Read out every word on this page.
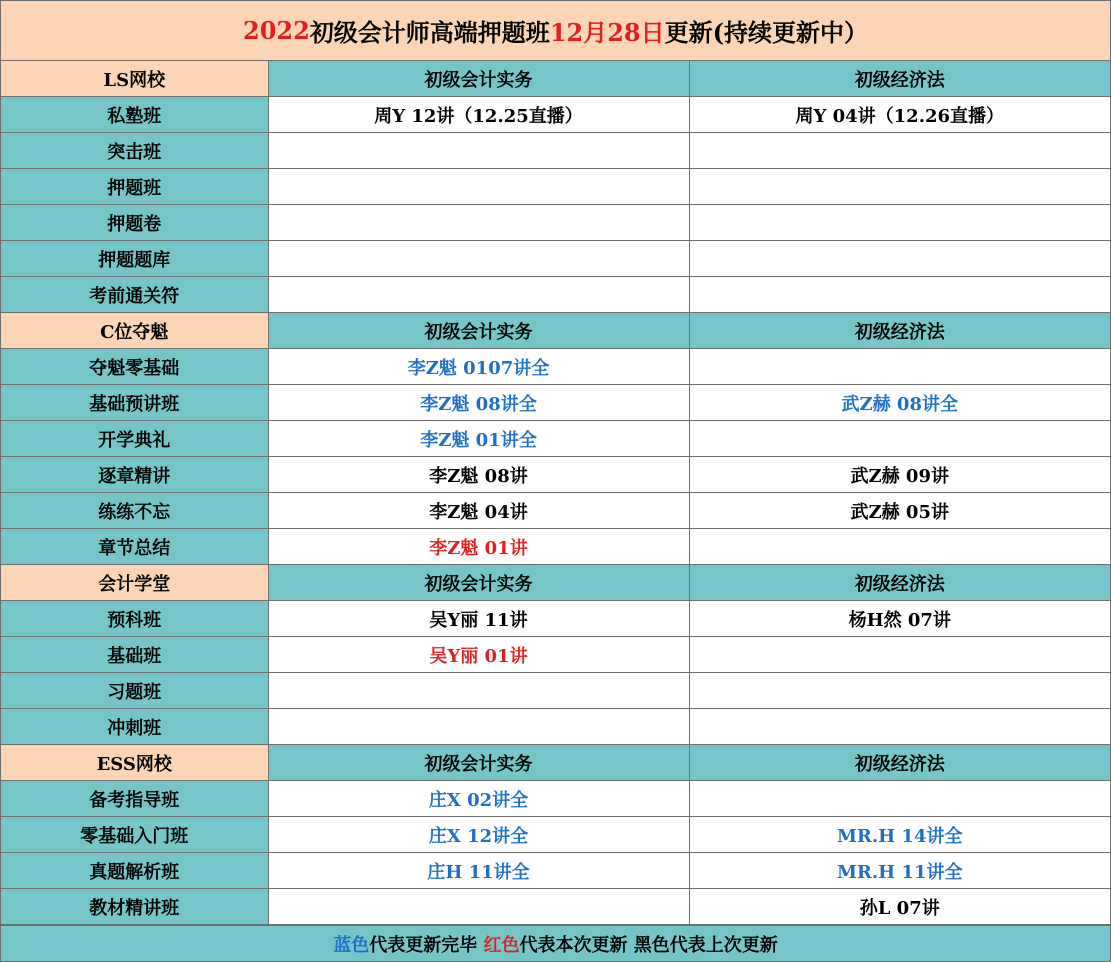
2022 初级会计师高端押题班 12月28日 更新(持续更新中）
LS网校	初级会计实务	初级经济法
私塾班	周Y 12讲（12.25直播）	周Y 04讲（12.26直播）
突击班		
押题班		
押题卷		
押题题库		
考前通关符		
C位夺魁	初级会计实务	初级经济法
夺魁零基础	李Z魁 0107讲全	
基础预讲班	李Z魁 08讲全	武Z赫 08讲全
开学典礼	李Z魁 01讲全	
逐章精讲	李Z魁 08讲	武Z赫 09讲
练练不忘	李Z魁 04讲	武Z赫 05讲
章节总结	李Z魁 01讲	
会计学堂	初级会计实务	初级经济法
预科班	吴Y丽 11讲	杨H然 07讲
基础班	吴Y丽 01讲	
习题班		
冲刺班		
ESS网校	初级会计实务	初级经济法
备考指导班	庄X 02讲全	
零基础入门班	庄X 12讲全	MR.H 14讲全
真题解析班	庄H 11讲全	MR.H 11讲全
教材精讲班		孙L 07讲
蓝色 代表更新完毕 红色 代表本次更新 黑色代表上次更新
